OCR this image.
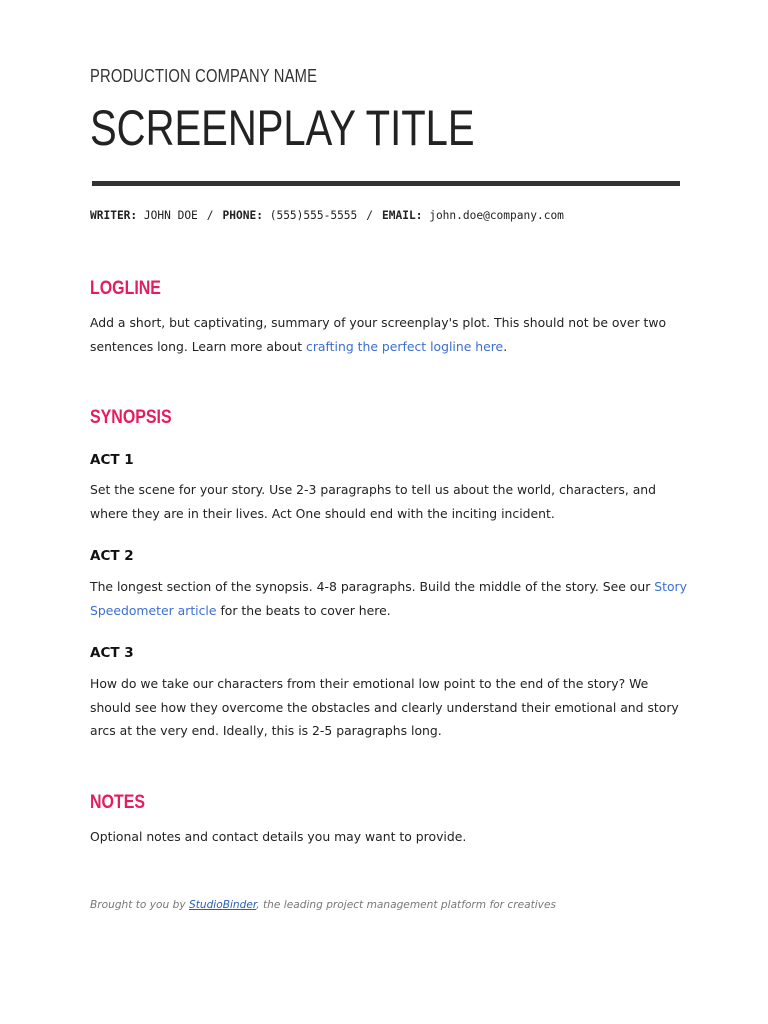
PRODUCTION COMPANY NAME
SCREENPLAY TITLE
WRITER: JOHN DOE / PHONE: (555)555-5555 / EMAIL: john.doe@company.com
LOGLINE
Add a short, but captivating, summary of your screenplay's plot. This should not be over two sentences long. Learn more about crafting the perfect logline here.
SYNOPSIS
ACT 1
Set the scene for your story. Use 2-3 paragraphs to tell us about the world, characters, and where they are in their lives. Act One should end with the inciting incident.
ACT 2
The longest section of the synopsis. 4-8 paragraphs. Build the middle of the story. See our Story Speedometer article for the beats to cover here.
ACT 3
How do we take our characters from their emotional low point to the end of the story? We should see how they overcome the obstacles and clearly understand their emotional and story arcs at the very end. Ideally, this is 2-5 paragraphs long.
NOTES
Optional notes and contact details you may want to provide.
Brought to you by StudioBinder, the leading project management platform for creatives
